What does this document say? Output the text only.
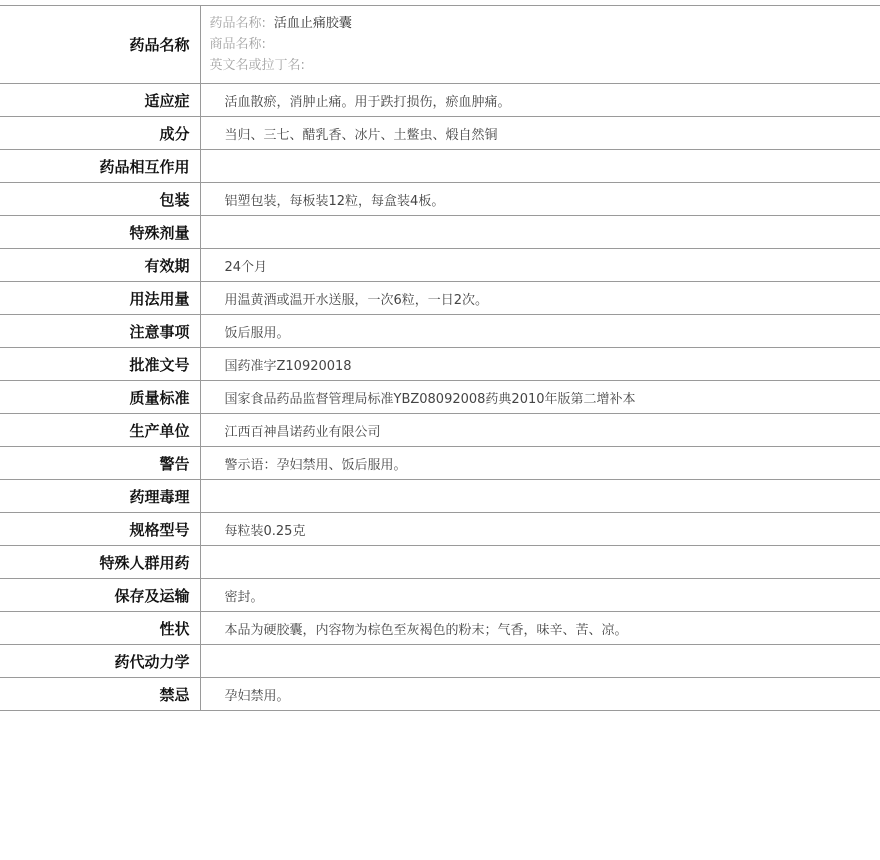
药品名称	药品名称: 活血止痛胶囊
商品名称:
英文名或拉丁名:

适应症	活血散瘀，消肿止痛。用于跌打损伤，瘀血肿痛。
成分	当归、三七、醋乳香、冰片、土鳖虫、煅自然铜
药品相互作用	
包装	铝塑包装，每板装12粒，每盒装4板。
特殊剂量	
有效期	24个月
用法用量	用温黄酒或温开水送服，一次6粒，一日2次。
注意事项	饭后服用。
批准文号	国药准字Z10920018
质量标准	国家食品药品监督管理局标准YBZ08092008药典2010年版第二增补本
生产单位	江西百神昌诺药业有限公司
警告	警示语：孕妇禁用、饭后服用。
药理毒理	
规格型号	每粒装0.25克
特殊人群用药	
保存及运输	密封。
性状	本品为硬胶囊，内容物为棕色至灰褐色的粉末；气香，味辛、苦、凉。
药代动力学	
禁忌	孕妇禁用。
